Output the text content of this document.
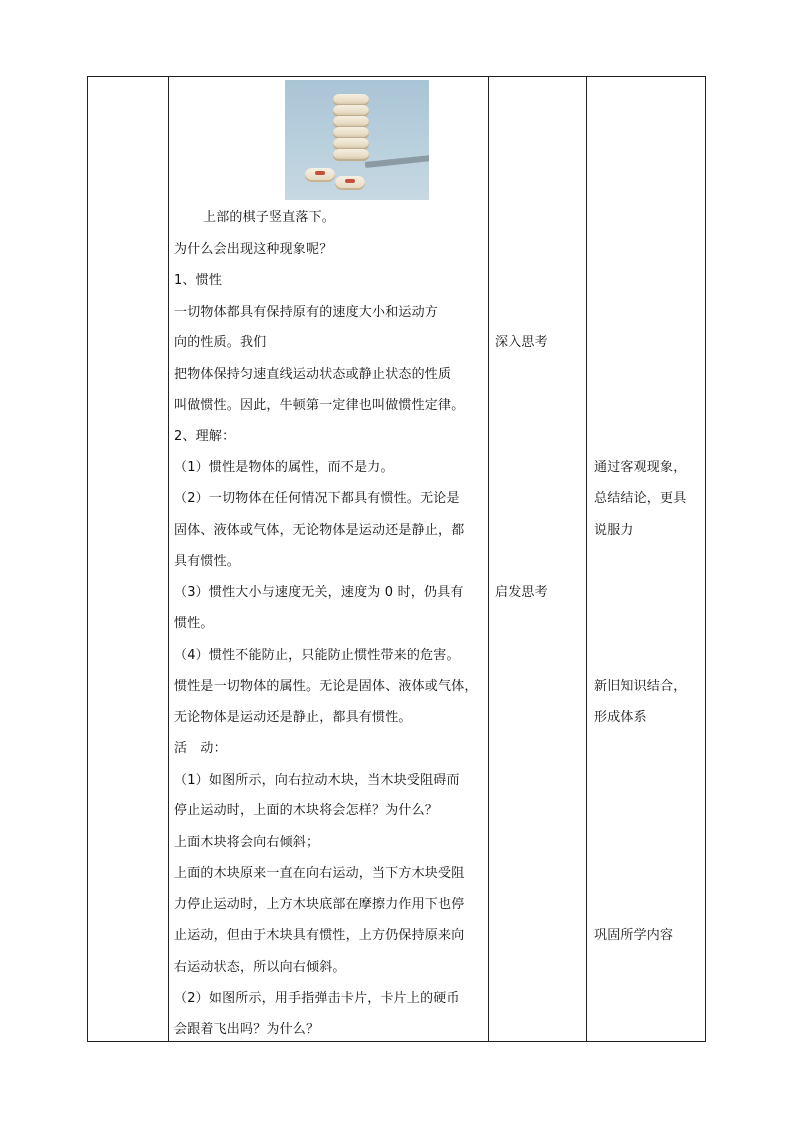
上部的棋子竖直落下。
为什么会出现这种现象呢？
1、惯性
一切物体都具有保持原有的速度大小和运动方
向的性质。我们
把物体保持匀速直线运动状态或静止状态的性质
叫做惯性。因此，牛顿第一定律也叫做惯性定律。
2、理解：
（1）惯性是物体的属性，而不是力。
（2）一切物体在任何情况下都具有惯性。无论是
固体、液体或气体，无论物体是运动还是静止，都
具有惯性。
（3）惯性大小与速度无关，速度为 0 时，仍具有
惯性。
（4）惯性不能防止，只能防止惯性带来的危害。
惯性是一切物体的属性。无论是固体、液体或气体，
无论物体是运动还是静止，都具有惯性。
活　动：
（1）如图所示，向右拉动木块，当木块受阻碍而
停止运动时，上面的木块将会怎样？为什么？
上面木块将会向右倾斜；
上面的木块原来一直在向右运动，当下方木块受阻
力停止运动时，上方木块底部在摩擦力作用下也停
止运动，但由于木块具有惯性，上方仍保持原来向
右运动状态，所以向右倾斜。
（2）如图所示，用手指弹击卡片，卡片上的硬币
会跟着飞出吗？为什么？
深入思考
启发思考
通过客观现象，
总结结论，更具
说服力
新旧知识结合，
形成体系
巩固所学内容
